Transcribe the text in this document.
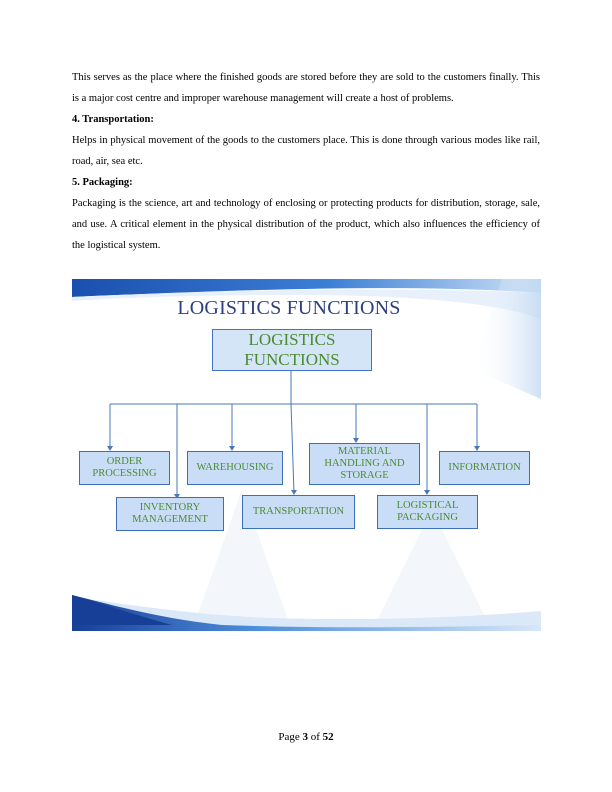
This serves as the place where the finished goods are stored before they are sold to the customers finally. This is a major cost centre and improper warehouse management will create a host of problems.

4. Transportation:

Helps in physical movement of the goods to the customers place. This is done through various modes like rail, road, air, sea etc.

5. Packaging:

Packaging is the science, art and technology of enclosing or protecting products for distribution, storage, sale, and use. A critical element in the physical distribution of the product, which also influences the efficiency of the logistical system.

LOGISTICS FUNCTIONS
LOGISTICS FUNCTIONS
ORDER PROCESSING
INVENTORY MANAGEMENT
WAREHOUSING
TRANSPORTATION
MATERIAL HANDLING AND STORAGE
LOGISTICAL PACKAGING
INFORMATION
Page 3 of 52
